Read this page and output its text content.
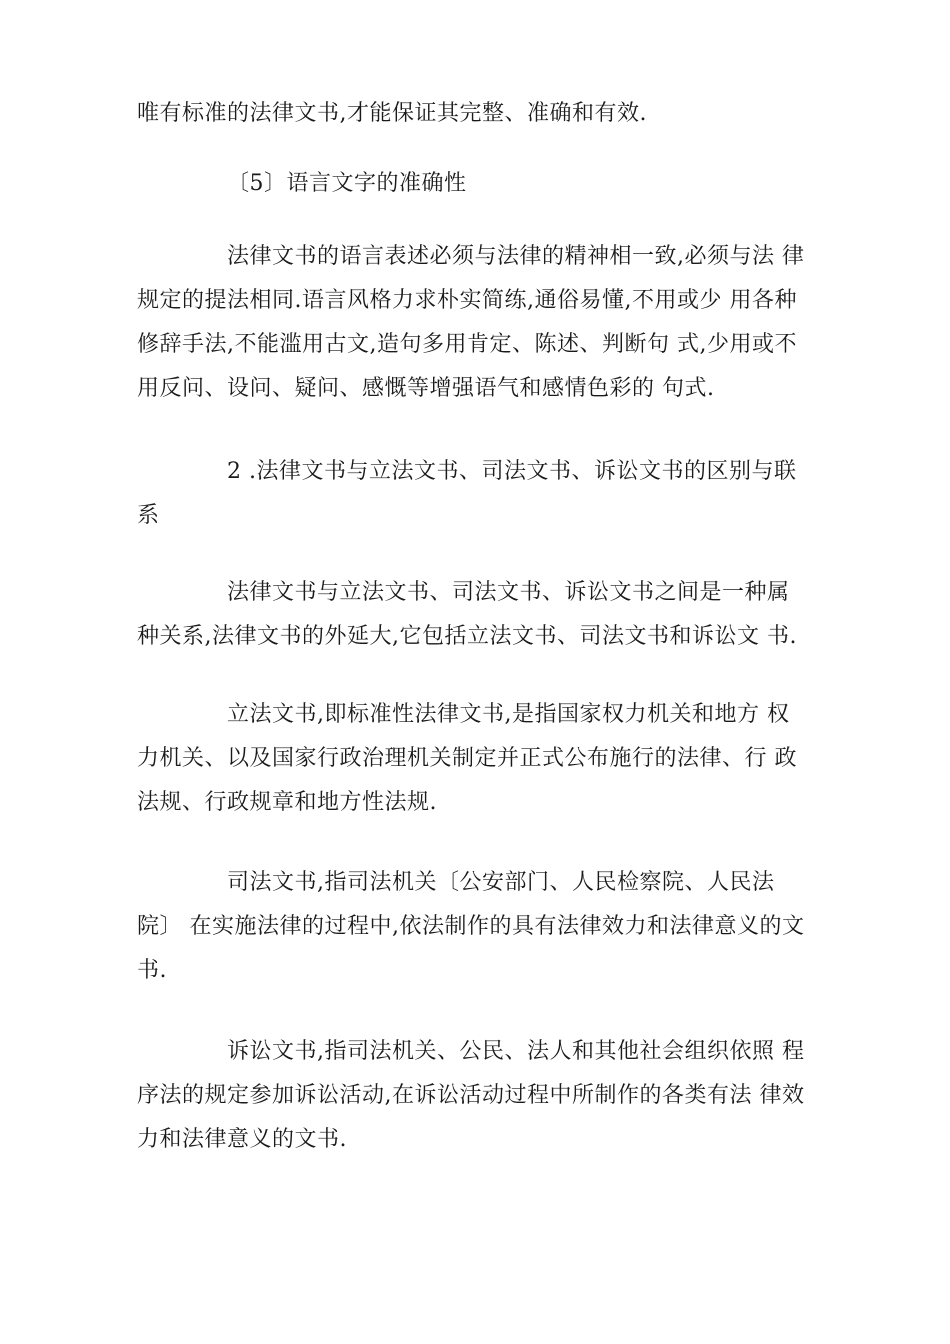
唯有标准的法律文书,才能保证其完整、准确和有效.
〔5〕语言文字的准确性
法律文书的语言表述必须与法律的精神相一致,必须与法 律
规定的提法相同.语言风格力求朴实简练,通俗易懂,不用或少 用各种
修辞手法,不能滥用古文,造句多用肯定、陈述、判断句 式,少用或不
用反问、设问、疑问、感慨等增强语气和感情色彩的 句式.
2 .法律文书与立法文书、司法文书、诉讼文书的区别与联
系
法律文书与立法文书、司法文书、诉讼文书之间是一种属
种关系,法律文书的外延大,它包括立法文书、司法文书和诉讼文 书.
立法文书,即标准性法律文书,是指国家权力机关和地方 权
力机关、以及国家行政治理机关制定并正式公布施行的法律、行 政
法规、行政规章和地方性法规.
司法文书,指司法机关〔公安部门、人民检察院、人民法
院〕 在实施法律的过程中,依法制作的具有法律效力和法律意义的文
书.
诉讼文书,指司法机关、公民、法人和其他社会组织依照 程
序法的规定参加诉讼活动,在诉讼活动过程中所制作的各类有法 律效
力和法律意义的文书.
